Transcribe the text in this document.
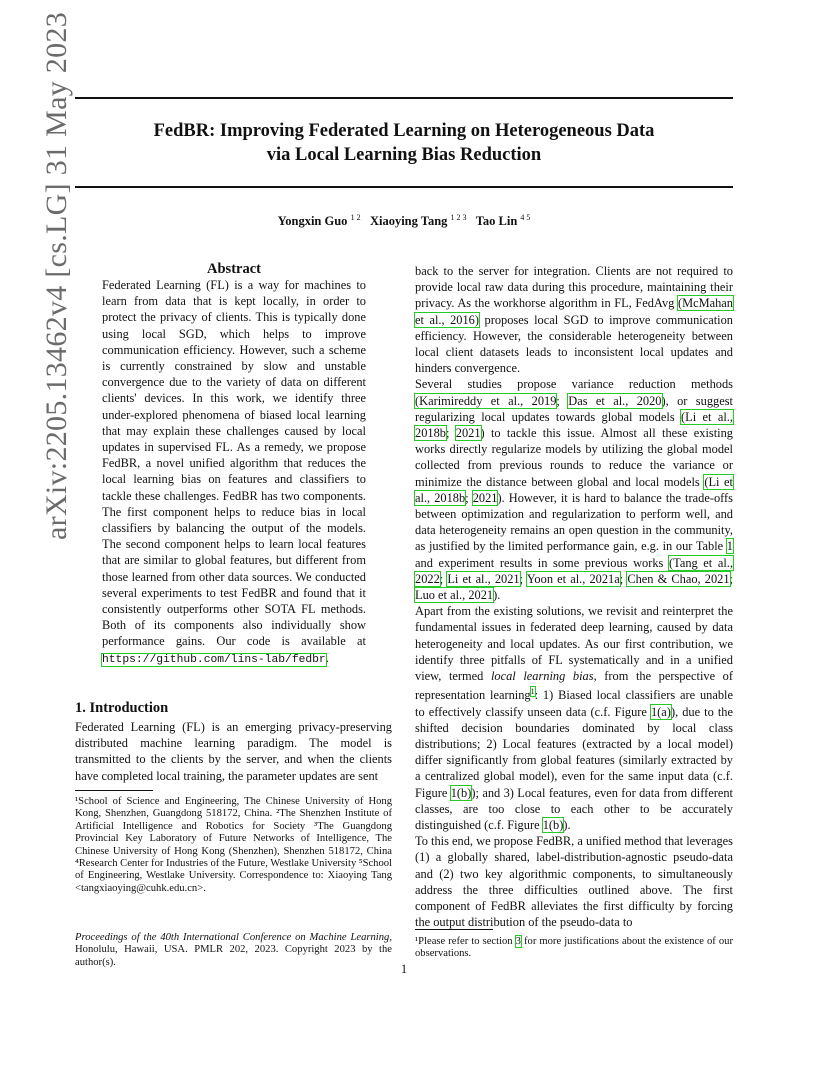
FedBR: Improving Federated Learning on Heterogeneous Data
via Local Learning Bias Reduction
Yongxin Guo $^{1 2}$ Xiaoying Tang $^{1 2 3}$ Tao Lin $^{4 5}$
arXiv:2205.13462v4 [cs.LG] 31 May 2023	Abstract
Federated Learning (FL) is a way for machines to learn from data that is kept locally, in order to protect the privacy of clients. This is typically done using local SGD, which helps to improve communication efficiency. However, such a scheme is currently constrained by slow and unstable convergence due to the variety of data on different clients' devices. In this work, we identify three under-explored phenomena of biased local learning that may explain these challenges caused by local updates in supervised FL. As a remedy, we propose FedBR, a novel unified algorithm that reduces the local learning bias on features and classifiers to tackle these challenges. FedBR has two components. The first component helps to reduce bias in local classifiers by balancing the output of the models. The second component helps to learn local features that are similar to global features, but different from those learned from other data sources. We conducted several experiments to test FedBR and found that it consistently outperforms other SOTA FL methods. Both of its components also individually show performance gains. Our code is available at https://github.com/lins-lab/fedbr.
1. Introduction
Federated Learning (FL) is an emerging privacy-preserving distributed machine learning paradigm. The model is transmitted to the clients by the server, and when the clients have completed local training, the parameter updates are sent
¹School of Science and Engineering, The Chinese University of Hong Kong, Shenzhen, Guangdong 518172, China. ²The Shenzhen Institute of Artificial Intelligence and Robotics for Society ³The Guangdong Provincial Key Laboratory of Future Networks of Intelligence, The Chinese University of Hong Kong (Shenzhen), Shenzhen 518172, China ⁴Research Center for Industries of the Future, Westlake University ⁵School of Engineering, Westlake University. Correspondence to: Xiaoying Tang <tangxiaoying@cuhk.edu.cn>.
Proceedings of the 40th International Conference on Machine Learning, Honolulu, Hawaii, USA. PMLR 202, 2023. Copyright 2023 by the author(s).

back to the server for integration. Clients are not required to provide local raw data during this procedure, maintaining their privacy. As the workhorse algorithm in FL, FedAvg (McMahan et al., 2016) proposes local SGD to improve communication efficiency. However, the considerable heterogeneity between local client datasets leads to inconsistent local updates and hinders convergence.

Several studies propose variance reduction methods (Karimireddy et al., 2019; Das et al., 2020), or suggest regularizing local updates towards global models (Li et al., 2018b; 2021) to tackle this issue. Almost all these existing works directly regularize models by utilizing the global model collected from previous rounds to reduce the variance or minimize the distance between global and local models (Li et al., 2018b; 2021). However, it is hard to balance the trade-offs between optimization and regularization to perform well, and data heterogeneity remains an open question in the community, as justified by the limited performance gain, e.g. in our Table 1 and experiment results in some previous works (Tang et al., 2022; Li et al., 2021; Yoon et al., 2021a; Chen & Chao, 2021; Luo et al., 2021).

Apart from the existing solutions, we revisit and reinterpret the fundamental issues in federated deep learning, caused by data heterogeneity and local updates. As our first contribution, we identify three pitfalls of FL systematically and in a unified view, termed local learning bias, from the perspective of representation learning$^1$: 1) Biased local classifiers are unable to effectively classify unseen data (c.f. Figure 1(a)), due to the shifted decision boundaries dominated by local class distributions; 2) Local features (extracted by a local model) differ significantly from global features (similarly extracted by a centralized global model), even for the same input data (c.f. Figure 1(b)); and 3) Local features, even for data from different classes, are too close to each other to be accurately distinguished (c.f. Figure 1(b)).

To this end, we propose FedBR, a unified method that leverages (1) a globally shared, label-distribution-agnostic pseudo-data and (2) two key algorithmic components, to simultaneously address the three difficulties outlined above. The first component of FedBR alleviates the first difficulty by forcing the output distribution of the pseudo-data to

¹Please refer to section 3 for more justifications about the existence of our observations.
1
